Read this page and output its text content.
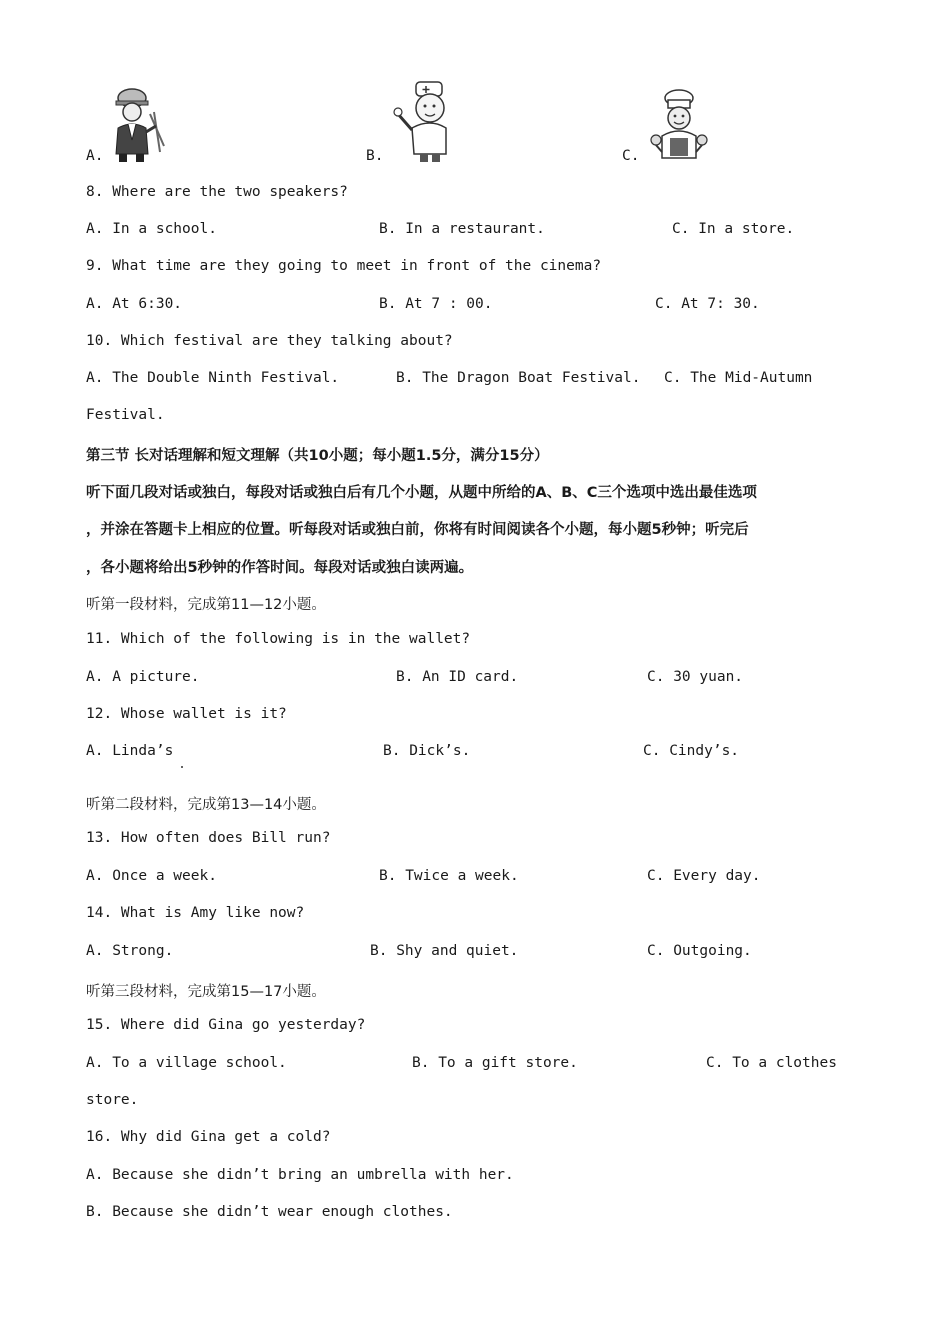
A.	B.	C.
8. Where are the two speakers?
A. In a school.	B. In a restaurant.	C. In a store.
9. What time are they going to meet in front of the cinema?
A. At 6:30.	B. At 7 : 00.	C. At 7: 30.
10. Which festival are they talking about?
A. The Double Ninth Festival.	B. The Dragon Boat Festival. C. The Mid-Autumn
Festival.
第三节 长对话理解和短文理解（共10小题；每小题1.5分，满分15分）
听下面几段对话或独白，每段对话或独白后有几个小题，从题中所给的A、B、C三个选项中选出最佳选项
，并涂在答题卡上相应的位置。听每段对话或独白前，你将有时间阅读各个小题，每小题5秒钟；听完后
，各小题将给出5秒钟的作答时间。每段对话或独白读两遍。
听第一段材料，完成第11—12小题。
11. Which of the following is in the wallet?
A. A picture.	B. An ID card.	C. 30 yuan.
12. Whose wallet is it?
A. Linda’s	B. Dick’s.	C. Cindy’s.
听第二段材料，完成第13—14小题。
13. How often does Bill run?
A. Once a week.	B. Twice a week.	C. Every day.
14. What is Amy like now?
A. Strong.	B. Shy and quiet.	C. Outgoing.
听第三段材料，完成第15—17小题。
15. Where did Gina go yesterday?
A. To a village school.	B. To a gift store.	C. To a clothes
store.
16. Why did Gina get a cold?
A. Because she didn’t bring an umbrella with her.
B. Because she didn’t wear enough clothes.
